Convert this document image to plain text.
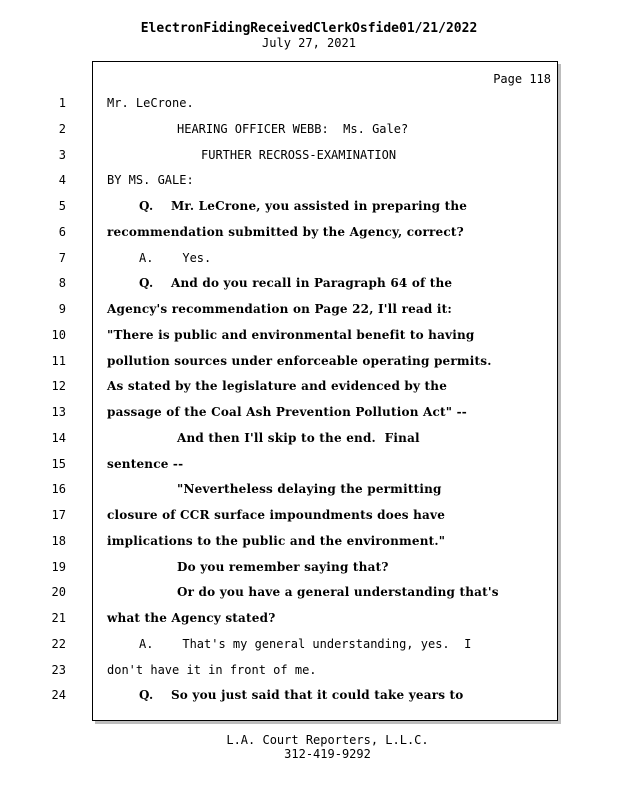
ElectronFidingReceivedClerkOsfide01/21/2022
July 27, 2021
Page 118
1	Mr. LeCrone.
2	HEARING OFFICER WEBB:  Ms. Gale?
3	FURTHER RECROSS-EXAMINATION
4	BY MS. GALE:
5	Q.    Mr. LeCrone, you assisted in preparing the
6	recommendation submitted by the Agency, correct?
7	A.    Yes.
8	Q.    And do you recall in Paragraph 64 of the
9	Agency's recommendation on Page 22, I'll read it:
10	"There is public and environmental benefit to having
11	pollution sources under enforceable operating permits.
12	As stated by the legislature and evidenced by the
13	passage of the Coal Ash Prevention Pollution Act" --
14	And then I'll skip to the end.  Final
15	sentence --
16	"Nevertheless delaying the permitting
17	closure of CCR surface impoundments does have
18	implications to the public and the environment."
19	Do you remember saying that?
20	Or do you have a general understanding that's
21	what the Agency stated?
22	A.    That's my general understanding, yes.  I
23	don't have it in front of me.
24	Q.    So you just said that it could take years to
L.A. Court Reporters, L.L.C.
312-419-9292
